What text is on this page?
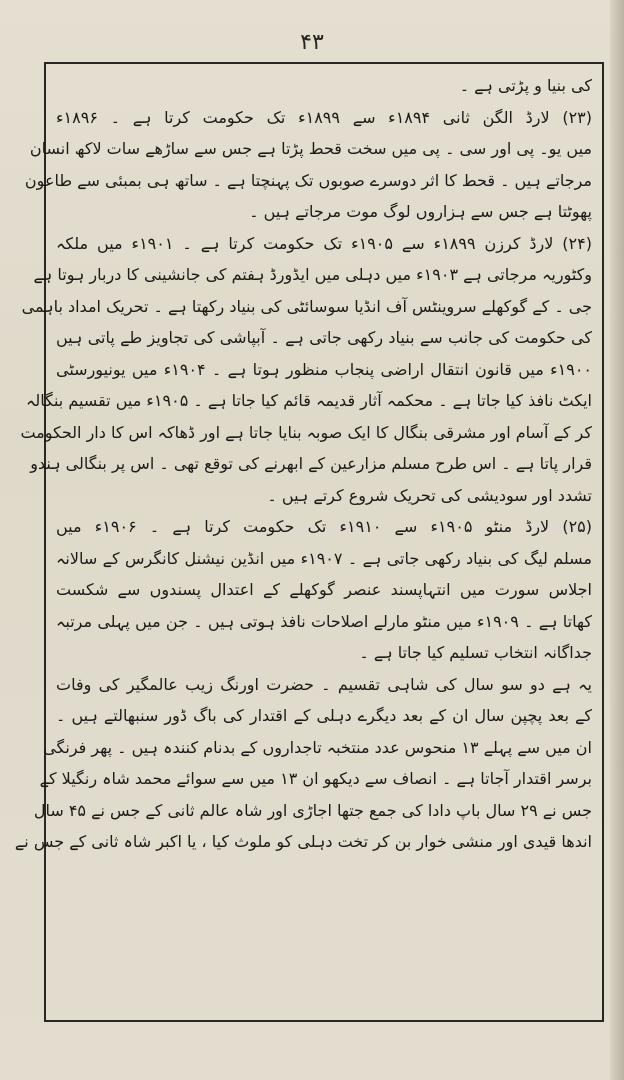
۴۳
کی بنیا و پڑتی ہے ۔
(۲۳) لارڈ الگن ثانی ۱۸۹۴ء سے ۱۸۹۹ء تک حکومت کرتا ہے ۔ ۱۸۹۶ء
میں یو۔ پی اور سی ۔ پی میں سخت قحط پڑتا ہے جس سے ساڑھے سات لاکھ انسان
مرجاتے ہیں ۔ قحط کا اثر دوسرے صوبوں تک پہنچتا ہے ۔ ساتھ ہی بمبئی سے طاعون
پھوٹتا ہے جس سے ہزاروں لوگ موت مرجاتے ہیں ۔
(۲۴) لارڈ کرزن ۱۸۹۹ء سے ۱۹۰۵ء تک حکومت کرتا ہے ۔ ۱۹۰۱ء میں ملکہ
وکٹوریہ مرجاتی ہے ۱۹۰۳ء میں دہلی میں ایڈورڈ ہفتم کی جانشینی کا دربار ہوتا ہے
جی ۔ کے گوکھلے سروینٹس آف انڈیا سوسائٹی کی بنیاد رکھتا ہے ۔ تحریک امداد باہمی
کی حکومت کی جانب سے بنیاد رکھی جاتی ہے ۔ آبپاشی کی تجاویز طے پاتی ہیں
۱۹۰۰ء میں قانون انتقال اراضی پنجاب منظور ہوتا ہے ۔ ۱۹۰۴ء میں یونیورسٹی
ایکٹ نافذ کیا جاتا ہے ۔ محکمہ آثار قدیمہ قائم کیا جاتا ہے ۔ ۱۹۰۵ء میں تقسیم بنگالہ
کر کے آسام اور مشرقی بنگال کا ایک صوبہ بنایا جاتا ہے اور ڈھاکہ اس کا دار الحکومت
قرار پاتا ہے ۔ اس طرح مسلم مزارعین کے ابھرنے کی توقع تھی ۔ اس پر بنگالی ہندو
تشدد اور سودیشی کی تحریک شروع کرتے ہیں ۔
(۲۵) لارڈ منٹو ۱۹۰۵ء سے ۱۹۱۰ء تک حکومت کرتا ہے ۔ ۱۹۰۶ء میں
مسلم لیگ کی بنیاد رکھی جاتی ہے ۔ ۱۹۰۷ء میں انڈین نیشنل کانگرس کے سالانہ
اجلاس سورت میں انتہاپسند عنصر گوکھلے کے اعتدال پسندوں سے شکست
کھاتا ہے ۔ ۱۹۰۹ء میں منٹو مارلے اصلاحات نافذ ہوتی ہیں ۔ جن میں پہلی مرتبہ
جداگانہ انتخاب تسلیم کیا جاتا ہے ۔
یہ ہے دو سو سال کی شاہی تقسیم ۔ حضرت اورنگ زیب عالمگیر کی وفات
کے بعد پچپن سال ان کے بعد دیگرے دہلی کے اقتدار کی باگ ڈور سنبھالتے ہیں ۔
ان میں سے پہلے ۱۳ منحوس عدد منتخبہ تاجداروں کے بدنام کنندہ ہیں ۔ پھر فرنگی
برسر اقتدار آجاتا ہے ۔ انصاف سے دیکھو ان ۱۳ میں سے سوائے محمد شاہ رنگیلا کے
جس نے ۲۹ سال باپ دادا کی جمع جتھا اجاڑی اور شاہ عالم ثانی کے جس نے ۴۵ سال
اندھا قیدی اور منشی خوار بن کر تخت دہلی کو ملوث کیا ، یا اکبر شاہ ثانی کے جس نے
